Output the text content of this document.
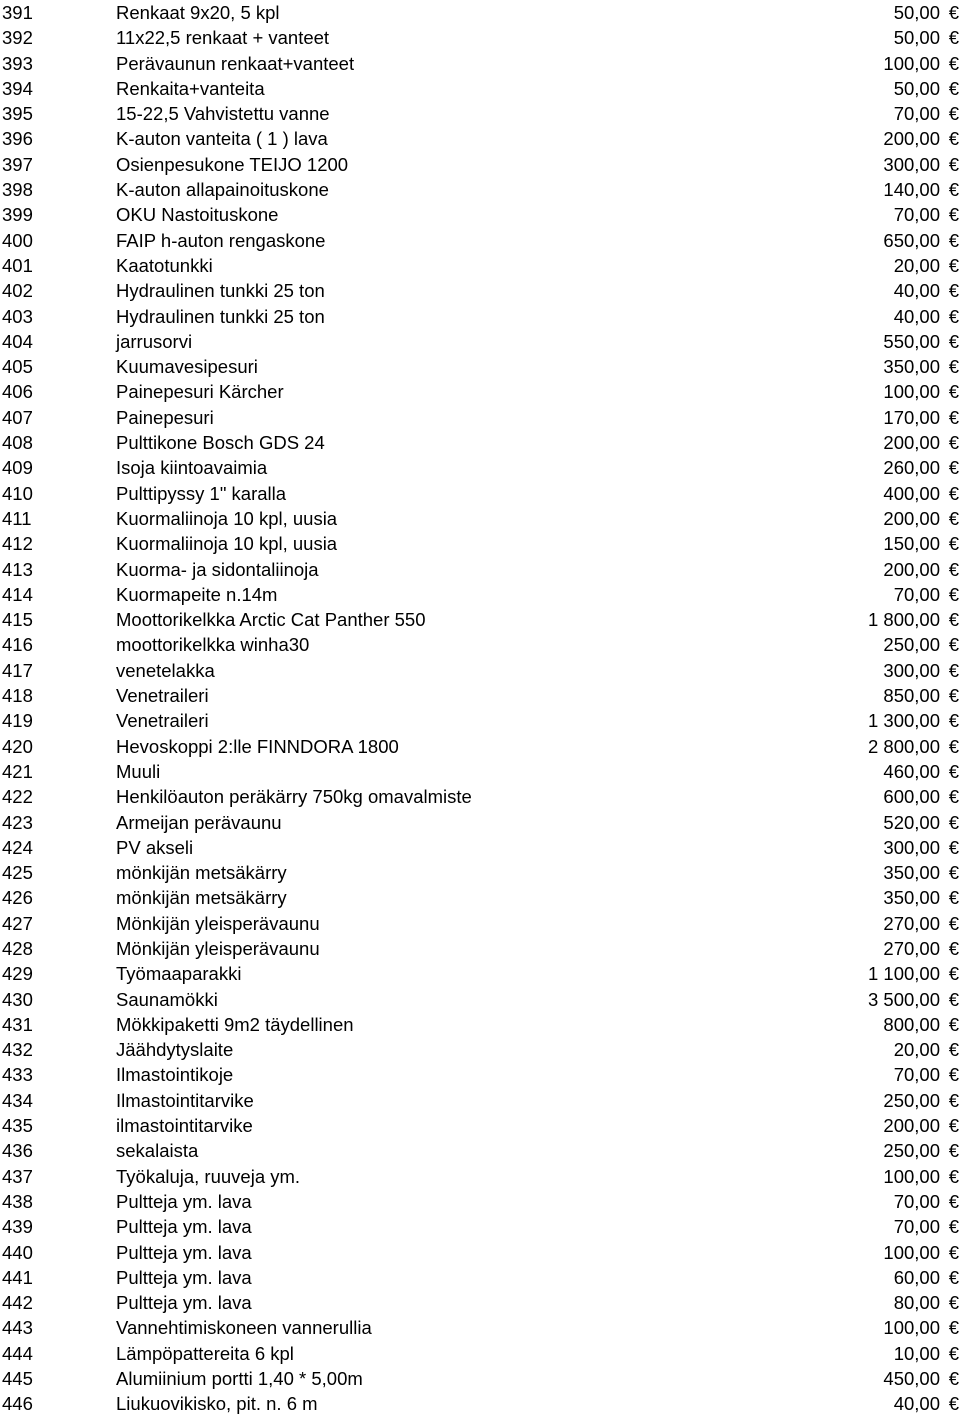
391	Renkaat 9x20, 5 kpl	50,00 €
392	11x22,5 renkaat + vanteet	50,00 €
393	Perävaunun renkaat+vanteet	100,00 €
394	Renkaita+vanteita	50,00 €
395	15-22,5 Vahvistettu vanne	70,00 €
396	K-auton vanteita ( 1 ) lava	200,00 €
397	Osienpesukone TEIJO 1200	300,00 €
398	K-auton allapainoituskone	140,00 €
399	OKU Nastoituskone	70,00 €
400	FAIP h-auton rengaskone	650,00 €
401	Kaatotunkki	20,00 €
402	Hydraulinen tunkki 25 ton	40,00 €
403	Hydraulinen tunkki 25 ton	40,00 €
404	jarrusorvi	550,00 €
405	Kuumavesipesuri	350,00 €
406	Painepesuri Kärcher	100,00 €
407	Painepesuri	170,00 €
408	Pulttikone Bosch GDS 24	200,00 €
409	Isoja kiintoavaimia	260,00 €
410	Pulttipyssy 1" karalla	400,00 €
411	Kuormaliinoja 10 kpl, uusia	200,00 €
412	Kuormaliinoja 10 kpl, uusia	150,00 €
413	Kuorma- ja sidontaliinoja	200,00 €
414	Kuormapeite n.14m	70,00 €
415	Moottorikelkka Arctic Cat Panther 550	1 800,00 €
416	moottorikelkka winha30	250,00 €
417	venetelakka	300,00 €
418	Venetraileri	850,00 €
419	Venetraileri	1 300,00 €
420	Hevoskoppi 2:lle FINNDORA 1800	2 800,00 €
421	Muuli	460,00 €
422	Henkilöauton peräkärry 750kg omavalmiste	600,00 €
423	Armeijan perävaunu	520,00 €
424	PV akseli	300,00 €
425	mönkijän metsäkärry	350,00 €
426	mönkijän metsäkärry	350,00 €
427	Mönkijän yleisperävaunu	270,00 €
428	Mönkijän yleisperävaunu	270,00 €
429	Työmaaparakki	1 100,00 €
430	Saunamökki	3 500,00 €
431	Mökkipaketti 9m2 täydellinen	800,00 €
432	Jäähdytyslaite	20,00 €
433	Ilmastointikoje	70,00 €
434	Ilmastointitarvike	250,00 €
435	ilmastointitarvike	200,00 €
436	sekalaista	250,00 €
437	Työkaluja, ruuveja ym.	100,00 €
438	Pultteja ym. lava	70,00 €
439	Pultteja ym. lava	70,00 €
440	Pultteja ym. lava	100,00 €
441	Pultteja ym. lava	60,00 €
442	Pultteja ym. lava	80,00 €
443	Vannehtimiskoneen vannerullia	100,00 €
444	Lämpöpattereita 6 kpl	10,00 €
445	Alumiinium portti 1,40 * 5,00m	450,00 €
446	Liukuovikisko, pit. n. 6 m	40,00 €
